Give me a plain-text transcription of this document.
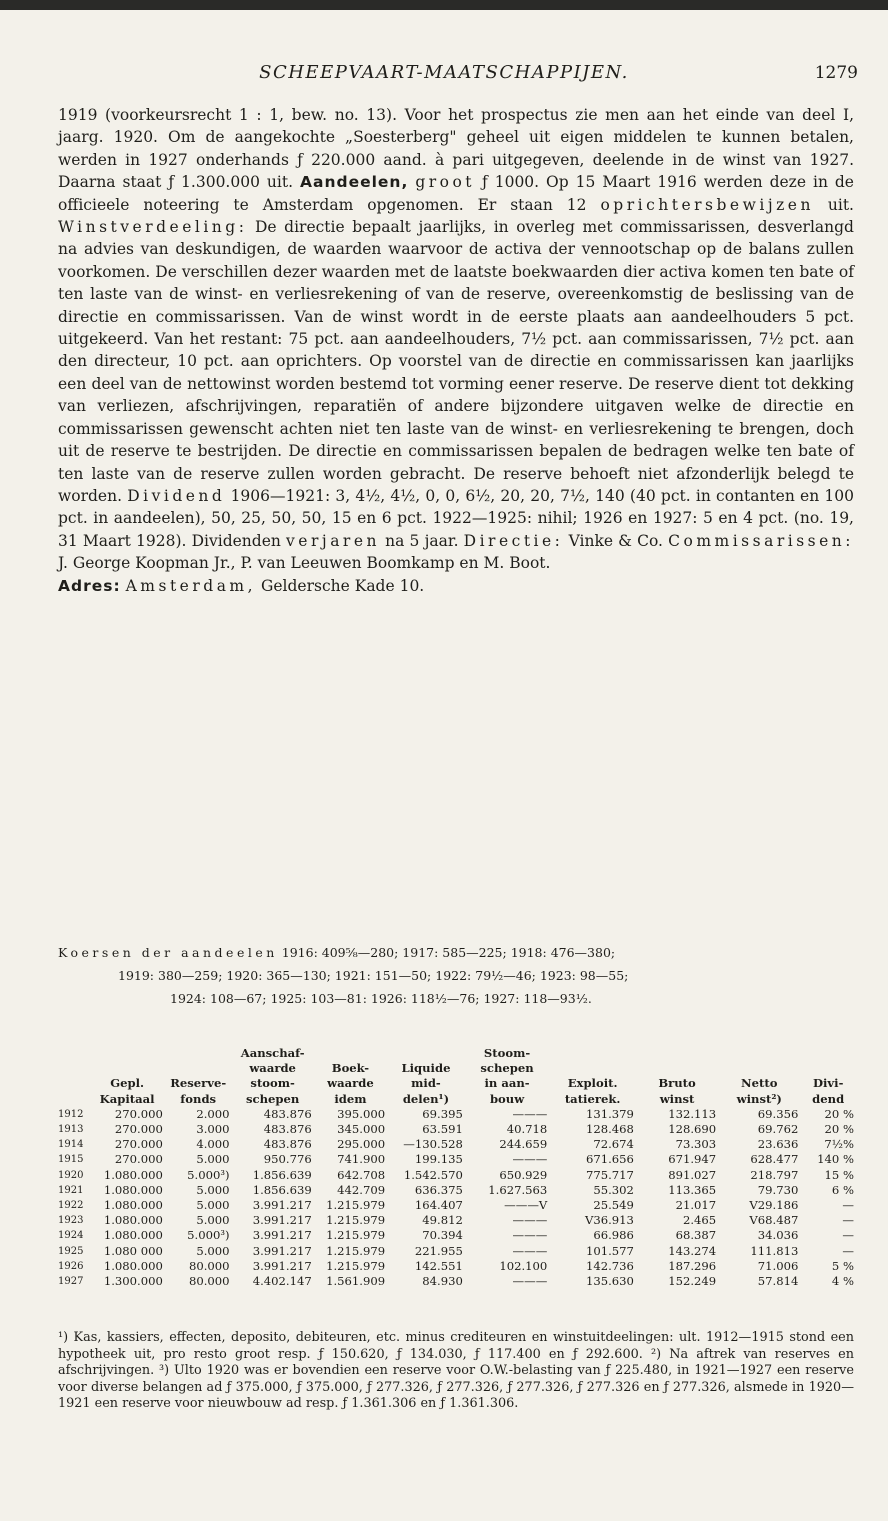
SCHEEPVAART-MAATSCHAPPIJEN.	1279

1919 (voorkeursrecht 1 : 1, bew. no. 13). Voor het prospectus zie men aan het einde van deel I, jaarg. 1920. Om de aangekochte „Soesterberg" geheel uit eigen middelen te kunnen betalen, werden in 1927 onderhands ƒ 220.000 aand. à pari uitgegeven, deelende in de winst van 1927. Daarna staat ƒ 1.300.000 uit. Aandeelen, groot ƒ 1000. Op 15 Maart 1916 werden deze in de officieele noteering te Amsterdam opgenomen. Er staan 12 oprichtersbewijzen uit. Winstverdeeling: De directie bepaalt jaarlijks, in overleg met commissarissen, desverlangd na advies van deskundigen, de waarden waarvoor de activa der vennootschap op de balans zullen voorkomen. De verschillen dezer waarden met de laatste boekwaarden dier activa komen ten bate of ten laste van de winst- en verliesrekening of van de reserve, overeenkomstig de beslissing van de directie en commissarissen. Van de winst wordt in de eerste plaats aan aandeelhouders 5 pct. uitgekeerd. Van het restant: 75 pct. aan aandeelhouders, 7½ pct. aan commissarissen, 7½ pct. aan den directeur, 10 pct. aan oprichters. Op voorstel van de directie en commissarissen kan jaarlijks een deel van de nettowinst worden bestemd tot vorming eener reserve. De reserve dient tot dekking van verliezen, afschrijvingen, reparatiën of andere bijzondere uitgaven welke de directie en commissarissen gewenscht achten niet ten laste van de winst- en verliesrekening te brengen, doch uit de reserve te bestrijden. De directie en commissarissen bepalen de bedragen welke ten bate of ten laste van de reserve zullen worden gebracht. De reserve behoeft niet afzonderlijk belegd te worden. Dividend 1906—1921: 3, 4½, 4½, 0, 0, 6½, 20, 20, 7½, 140 (40 pct. in contanten en 100 pct. in aandeelen), 50, 25, 50, 50, 15 en 6 pct. 1922—1925: nihil; 1926 en 1927: 5 en 4 pct. (no. 19, 31 Maart 1928). Dividenden verjaren na 5 jaar. Directie: Vinke & Co. Commissarissen: J. George Koopman Jr., P. van Leeuwen Boomkamp en M. Boot.

Adres: Amsterdam, Geldersche Kade 10.

Koersen der aandeelen 1916: 409⅝—280; 1917: 585—225; 1918: 476—380;
1919: 380—259; 1920: 365—130; 1921: 151—50; 1922: 79½—46; 1923: 98—55;
1924: 108—67; 1925: 103—81: 1926: 118½—76; 1927: 118—93½.
			Aanschaf-			Stoom-				
			waarde	Boek-	Liquide	schepen				
	Gepl.	Reserve-	stoom-	waarde	mid-	in aan-	Exploit.	Bruto	Netto	Divi-
	Kapitaal	fonds	schepen	idem	delen¹)	bouw	tatierek.	winst	winst²)	dend
1912	270.000	2.000	483.876	395.000	69.395	———	131.379	132.113	69.356	20 %
1913	270.000	3.000	483.876	345.000	63.591	40.718	128.468	128.690	69.762	20 %
1914	270.000	4.000	483.876	295.000	—130.528	244.659	72.674	73.303	23.636	7½%
1915	270.000	5.000	950.776	741.900	199.135	———	671.656	671.947	628.477	140 %
1920	1.080.000	5.000³)	1.856.639	642.708	1.542.570	650.929	775.717	891.027	218.797	15 %
1921	1.080.000	5.000	1.856.639	442.709	636.375	1.627.563	55.302	113.365	79.730	6 %
1922	1.080.000	5.000	3.991.217	1.215.979	164.407	———V	25.549	21.017	V29.186	—
1923	1.080.000	5.000	3.991.217	1.215.979	49.812	———	V36.913	2.465	V68.487	—
1924	1.080.000	5.000³)	3.991.217	1.215.979	70.394	———	66.986	68.387	34.036	—
1925	1.080 000	5.000	3.991.217	1.215.979	221.955	———	101.577	143.274	111.813	—
1926	1.080.000	80.000	3.991.217	1.215.979	142.551	102.100	142.736	187.296	71.006	5 %
1927	1.300.000	80.000	4.402.147	1.561.909	84.930	———	135.630	152.249	57.814	4 %

¹) Kas, kassiers, effecten, deposito, debiteuren, etc. minus crediteuren en winstuitdeelingen: ult. 1912—1915 stond een hypotheek uit, pro resto groot resp. ƒ 150.620, ƒ 134.030, ƒ 117.400 en ƒ 292.600. ²) Na aftrek van reserves en afschrijvingen. ³) Ulto 1920 was er bovendien een reserve voor O.W.-belasting van ƒ 225.480, in 1921—1927 een reserve voor diverse belangen ad ƒ 375.000, ƒ 375.000, ƒ 277.326, ƒ 277.326, ƒ 277.326, ƒ 277.326 en ƒ 277.326, alsmede in 1920—1921 een reserve voor nieuwbouw ad resp. ƒ 1.361.306 en ƒ 1.361.306.
